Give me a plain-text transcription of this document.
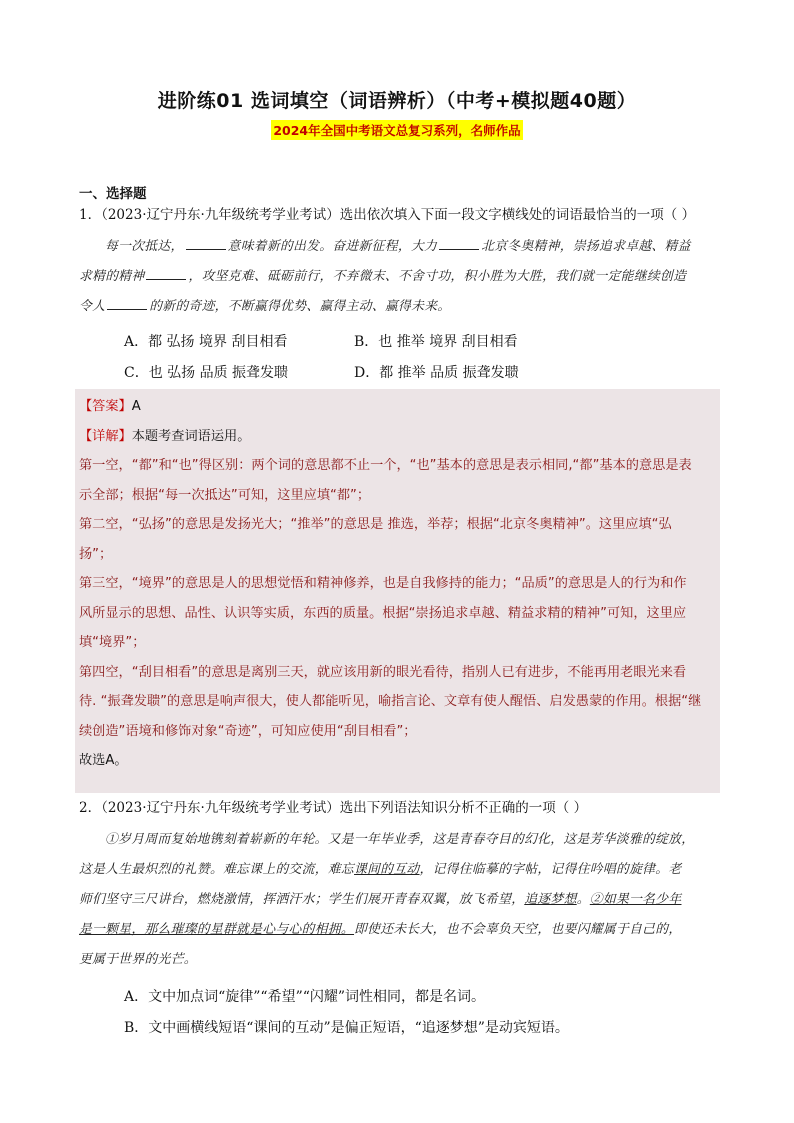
进阶练01 选词填空（词语辨析）（中考+模拟题40题）
2024年全国中考语文总复习系列，名师作品
一、选择题
1．（2023·辽宁丹东·九年级统考学业考试）选出依次填入下面一段文字横线处的词语最恰当的一项（ ）
每一次抵达，	意味着新的出发。奋进新征程，大力	北京冬奥精神，崇扬追求卓越、精益
求精的精神	，攻坚克难、砥砺前行，不弃微末、不舍寸功，积小胜为大胜，我们就一定能继续创造
令人	的新的奇迹，不断赢得优势、赢得主动、赢得未来。
A．都 弘扬 境界 刮目相看	B．也 推举 境界 刮目相看
C．也 弘扬 品质 振聋发聩	D．都 推举 品质 振聋发聩
【答案】A
【详解】本题考查词语运用。
第一空，“都”和“也”得区别：两个词的意思都不止一个，“也”基本的意思是表示相同,“都”基本的意思是表
示全部；根据“每一次抵达”可知，这里应填“都”；
第二空，“弘扬”的意思是发扬光大；“推举”的意思是 推选，举荐；根据“北京冬奥精神”。这里应填“弘
扬”；
第三空，“境界”的意思是人的思想觉悟和精神修养，也是自我修持的能力；“品质”的意思是人的行为和作
风所显示的思想、品性、认识等实质，东西的质量。根据“崇扬追求卓越、精益求精的精神”可知，这里应
填“境界”；
第四空，“刮目相看”的意思是离别三天，就应该用新的眼光看待，指别人已有进步，不能再用老眼光来看
待. “振聋发聩”的意思是响声很大，使人都能听见，喻指言论、文章有使人醒悟、启发愚蒙的作用。根据“继
续创造”语境和修饰对象“奇迹”，可知应使用“刮目相看”；
故选A。
2．（2023·辽宁丹东·九年级统考学业考试）选出下列语法知识分析不正确的一项（ ）
①岁月周而复始地镌刻着崭新的年轮。又是一年毕业季，这是青春夺目的幻化，这是芳华淡雅的绽放，
这是人生最炽烈的礼赞。难忘课上的交流，难忘课间的互动，记得住临摹的字帖，记得住吟唱的旋律。老
师们坚守三尺讲台，燃烧激情，挥洒汗水；学生们展开青春双翼，放飞希望，追逐梦想。②如果一名少年
是一颗星，那么璀璨的星群就是心与心的相拥。即使还未长大，也不会辜负天空，也要闪耀属于自己的，
更属于世界的光芒。
A．文中加点词“旋律”“希望”“闪耀”词性相同，都是名词。
B．文中画横线短语“课间的互动”是偏正短语，“追逐梦想”是动宾短语。
